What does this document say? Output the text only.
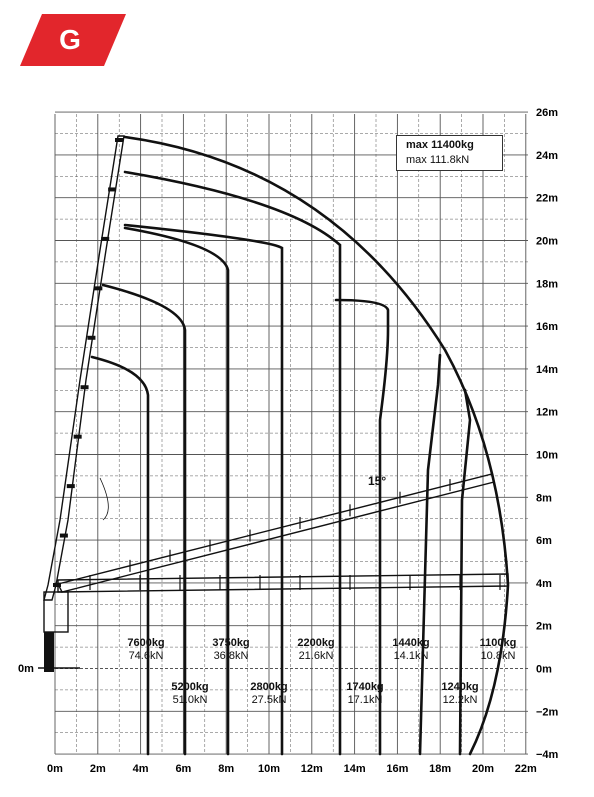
G
0m 2m 4m 6m 8m 10m 12m 14m 16m 18m 20m 22m
26m
24m
22m
20m
18m
16m
14m
12m
10m
8m
6m
4m
2m
0m
−2m
−4m
0m
max 11400kg
max 111.8kN
15°
7600kg
74.6kN
3750kg
36.8kN
2200kg
21.6kN
1440kg
14.1kN
1100kg
10.8kN
5200kg
51.0kN
2800kg
27.5kN
1740kg
17.1kN
1240kg
12.2kN
